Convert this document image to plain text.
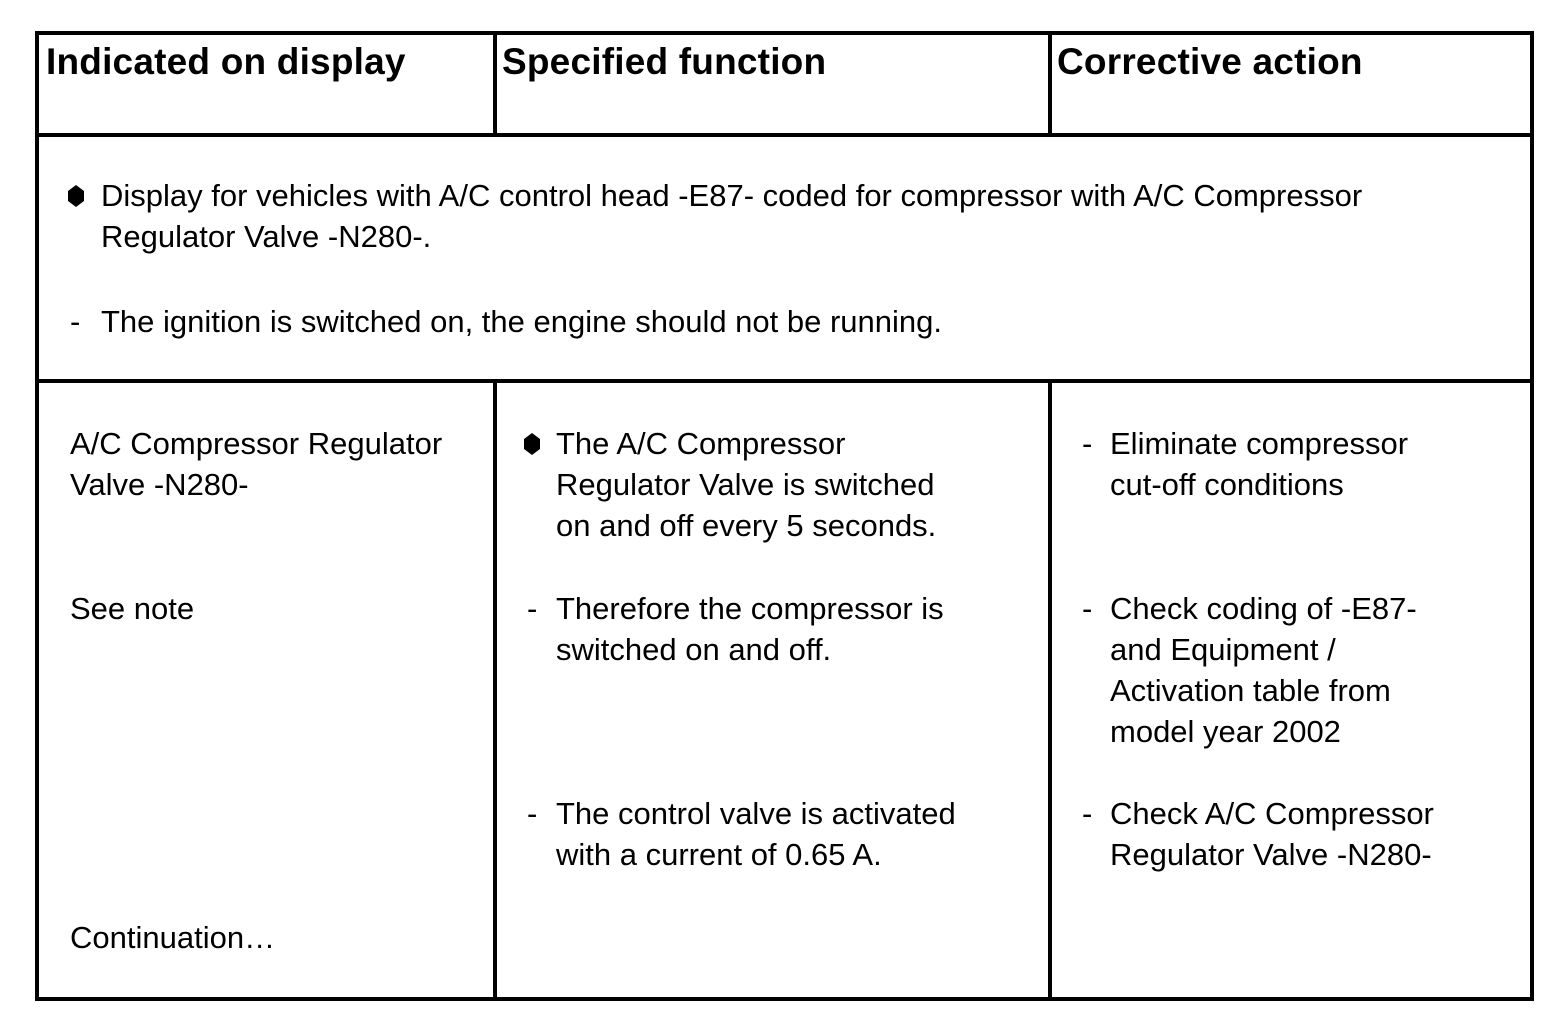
Indicated on display	Specified function	Corrective action
Display for vehicles with A/C control head -E87- coded for compressor with A/C Compressor
Regulator Valve -N280-.
- The ignition is switched on, the engine should not be running.
A/C Compressor Regulator
Valve -N280-
See note
Continuation…
The A/C Compressor
Regulator Valve is switched
on and off every 5 seconds.
- Therefore the compressor is
switched on and off.
- The control valve is activated
with a current of 0.65 A.
- Eliminate compressor
cut-off conditions
- Check coding of -E87-
and Equipment /
Activation table from
model year 2002
- Check A/C Compressor
Regulator Valve -N280-
